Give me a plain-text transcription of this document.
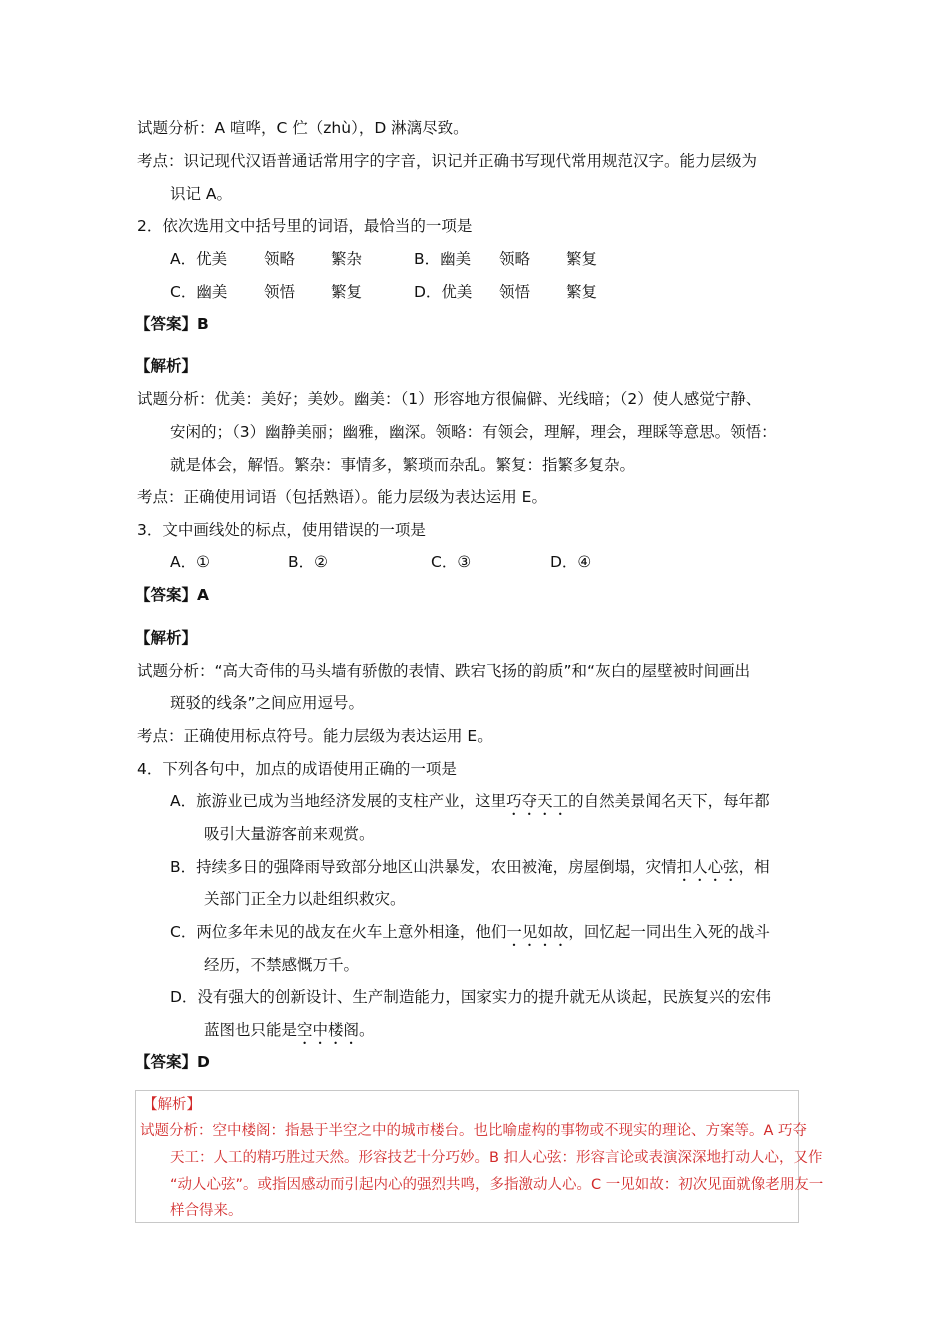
试题分析：A 喧哗，C 伫（zhù），D 淋漓尽致。
考点：识记现代汉语普通话常用字的字音，识记并正确书写现代常用规范汉字。能力层级为
识记 A。
2．依次选用文中括号里的词语，最恰当的一项是
A．优美 领略 繁杂	B．幽美 领略 繁复
C．幽美 领悟 繁复	D．优美 领悟 繁复
【答案】B
【解析】
试题分析：优美：美好；美妙。幽美：（1）形容地方很偏僻、光线暗；（2）使人感觉宁静、
安闲的；（3）幽静美丽；幽雅，幽深。领略：有领会，理解，理会，理睬等意思。领悟：
就是体会，解悟。繁杂：事情多，繁琐而杂乱。繁复：指繁多复杂。
考点：正确使用词语（包括熟语）。能力层级为表达运用 E。
3．文中画线处的标点，使用错误的一项是
A．①	B．②	C．③	D．④
【答案】A
【解析】
试题分析：“高大奇伟的马头墙有骄傲的表情、跌宕飞扬的韵质”和“灰白的屋壁被时间画出
斑驳的线条”之间应用逗号。
考点：正确使用标点符号。能力层级为表达运用 E。
4．下列各句中，加点的成语使用正确的一项是
A．旅游业已成为当地经济发展的支柱产业，这里巧夺天工的自然美景闻名天下，每年都
吸引大量游客前来观赏。
B．持续多日的强降雨导致部分地区山洪暴发，农田被淹，房屋倒塌，灾情扣人心弦，相
关部门正全力以赴组织救灾。
C．两位多年未见的战友在火车上意外相逢，他们一见如故，回忆起一同出生入死的战斗
经历，不禁感慨万千。
D．没有强大的创新设计、生产制造能力，国家实力的提升就无从谈起，民族复兴的宏伟
蓝图也只能是空中楼阁。
【答案】D
【解析】
试题分析：空中楼阁：指悬于半空之中的城市楼台。也比喻虚构的事物或不现实的理论、方案等。A 巧夺
天工：人工的精巧胜过天然。形容技艺十分巧妙。B 扣人心弦：形容言论或表演深深地打动人心，又作
“动人心弦”。或指因感动而引起内心的强烈共鸣，多指激动人心。C 一见如故：初次见面就像老朋友一
样合得来。
